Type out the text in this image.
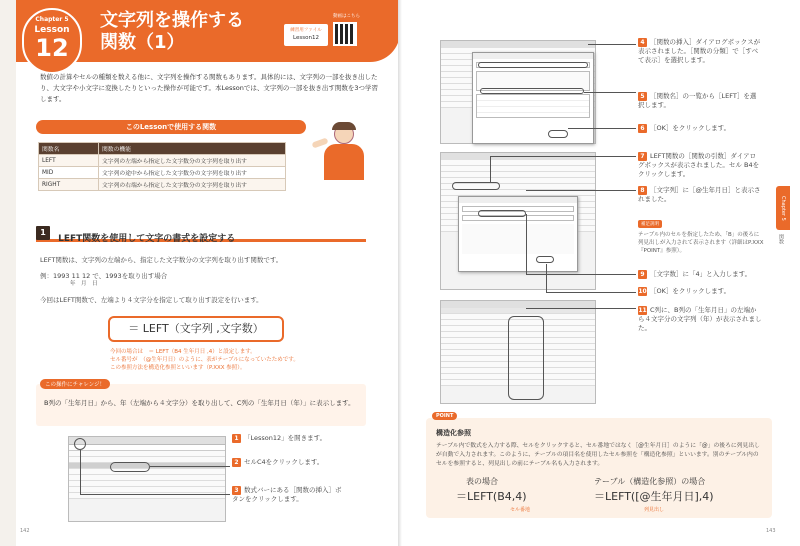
Chapter 5
Lesson
12
文字列を操作する
関数（1）
練習用ファイル
Lesson12
動画はこちら
数値の計算やセルの種類を数える他に、文字列を操作する関数もあります。具体的には、文字列の一部を抜き出したり、大文字や小文字に変換したりといった操作が可能です。本Lessonでは、文字列の一部を抜き出す関数を3つ学習します。
このLessonで使用する関数
関数名	関数の機能
LEFT	文字列の左端から指定した文字数分の文字列を取り出す
MID	文字列の途中から指定した文字数分の文字列を取り出す
RIGHT	文字列の右端から指定した文字数分の文字列を取り出す
1 LEFT関数を使用して文字の書式を設定する
LEFT関数は、文字列の左端から、指定した文字数分の文字列を取り出す関数です。
例：1993 11 12 で、1993を取り出す場合
年　月　日
今回はLEFT関数で、左端より４文字分を指定して取り出す設定を行います。
＝ LEFT（文字列 ,文字数）
今回の場合は　＝ LEFT（B4 生年月日 ,4）と設定します。
セル番号が　（@生年月日）のように、表がテーブルになっていたためです。
この参照方法を構造化参照といいます（P.XXX 参照）。
この操作にチャレンジ！
B列の「生年月日」から、年（左端から４文字分）を取り出して、C列の「生年月日（年）」に表示します。
1 「Lesson12」を開きます。
2 セルC4をクリックします。
3 数式バーにある［関数の挿入］ボタンをクリックします。
142
4 ［関数の挿入］ダイアログボックスが表示されました。［関数の分類］で［すべて表示］を選択します。
5 ［関数名］の一覧から［LEFT］を選択します。
6 ［OK］をクリックします。
7 LEFT関数の［関数の引数］ダイアログボックスが表示されました。セル B4をクリックします。
8 ［文字列］に［@生年月日］と表示されました。
補足説明
テーブル内のセルを指定したため、「B」の後ろに列見出しが入力されて表示されます（詳細はP.XXX『POINT』参照）。
9 ［文字数］に「4」と入力します。
10 ［OK］をクリックします。
11 C列に、B列の「生年月日」の左端から４文字分の文字列（年）が表示されました。
Chapter 5
関数
POINT
構造化参照
テーブル内で数式を入力する際、セルをクリックすると、セル番地ではなく［@生年月日］のように「@」の後ろに列見出しが自動で入力されます。このように、テーブルの項目名を使用したセル参照を「構造化参照」といいます。別のテーブル内のセルを参照すると、列見出しの前にテーブル名も入力されます。
表の場合
＝LEFT(B4,4)
セル番地
テーブル（構造化参照）の場合
＝LEFT([@生年月日],4)
列見出し
143
